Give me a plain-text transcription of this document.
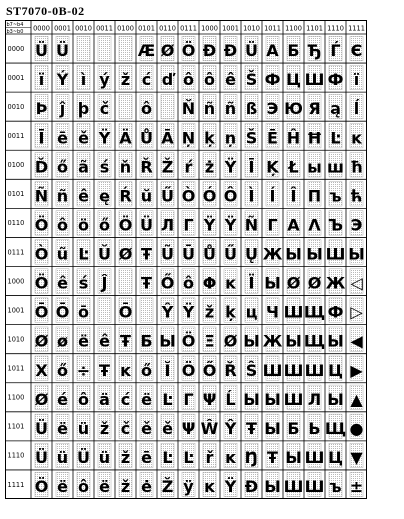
ST7070-0B-02
b7~b4
b3~b0 0000 0001 0010 0011 0100 0101 0110 0111 1000 1001 1010 1011 1100 1101 1110 1111
0000
0001
0010
0011
0100
0101
0110
0111
1000
1001
1010
1011
1100
1101
1110
1111
Ü Ü	Æ Ø Ö Ð Ð Ü А Б Ђ Ѓ Є
ї Ý ì ý ž ć ď ô ô ê Š Ф Ц Ш Ф ï
Þ ĵ þ č ô Ň ñ ñ ß Э Ю Я ą ĺ
Ī ē ě Ÿ Ä Ů Ā Ņ ķ ņ Š Ē Ĥ Ħ Ŀ ĸ
Ď ő ã ś ň Ř Ž ŕ ż Ÿ Ī Ķ Ł ы ш ħ
Ñ ñ ê ę Ŕ ŭ Ű Ò Ó Ô Ì Í Î П ъ ћ
Ö ô ö ő Ö Ü Л Г Ÿ Ÿ Ñ Γ Α Λ Ъ Э
Ò ũ Ŀ Ŭ Ø Ŧ Ũ Ū Ů Ű Ų Ж Ы Ы Ш Ы
Ö ê ś Ĵ Ŧ Ő ô Φ ĸ Ϊ Ы Ø Ø Ж ◁
Ō Ō ō Ō Ŷ Ÿ ž ķ ц Ч Ш Щ Ф ▷
Ø ø ë ê Ŧ Б Ы Ö Ξ Ø Ы Ж Ы Щ Ы ◀
Χ ő ÷ Ŧ ĸ ő Ĭ Ö Ő Ř Ŝ Ш Ш Ш Ц ▶
Ø é ô ä ć ë Ŀ Г Ψ Ĺ Ы Ы Ш Л Ы ▲
Ü ë ü ž č ě ě Ψ Ŵ Ŷ Ŧ Ы Б Ь Щ ●
Ü ü Ü ü ž ē Ŀ Ŀ ř ĸ Ŋ Ŧ Ы Ш Ц ▼
Ö ë ô ë ž ė Ž ÿ ĸ Ÿ Ð Ы Ш Ш ъ ±
